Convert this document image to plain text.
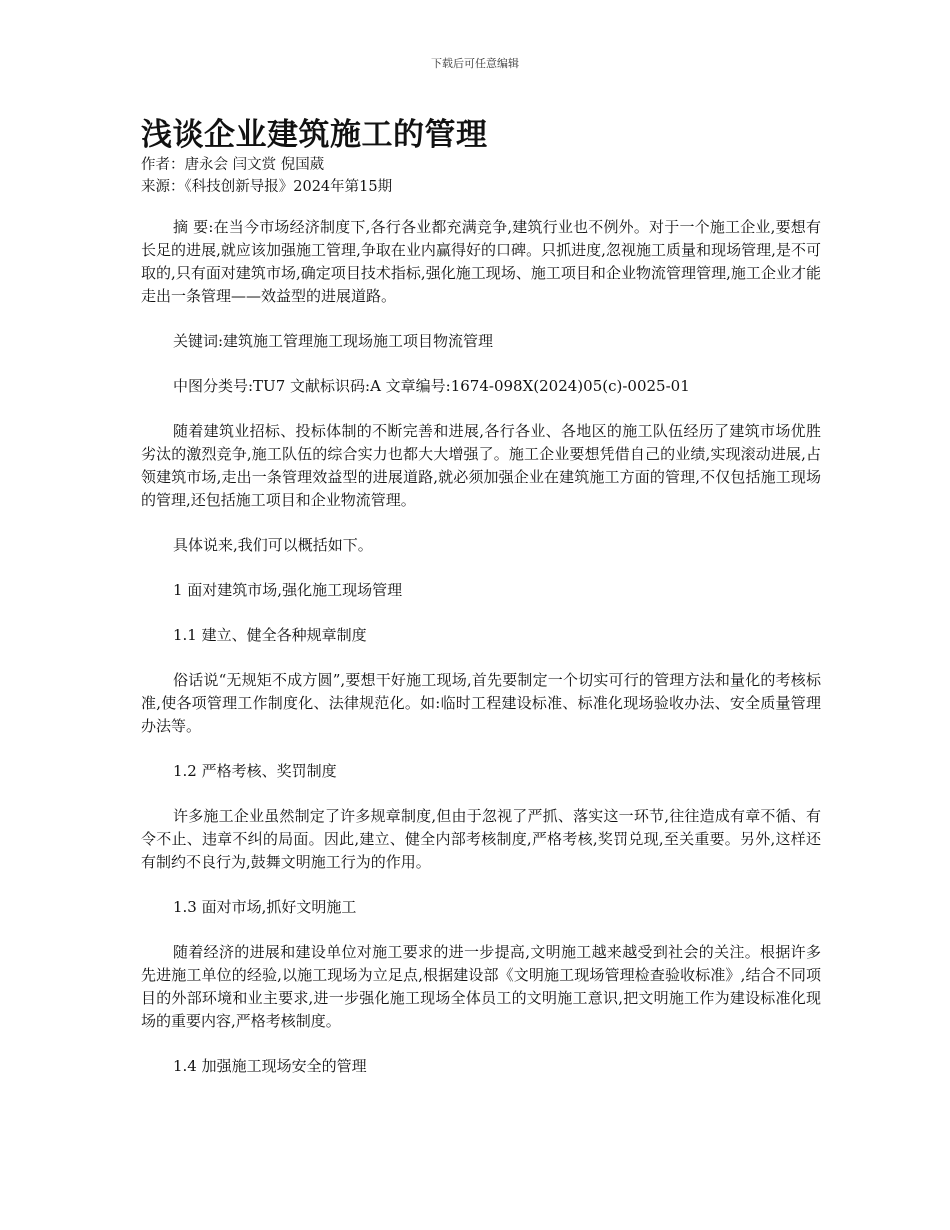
下载后可任意编辑
浅谈企业建筑施工的管理

作者：唐永会 闫文赏 倪国葳

来源：《科技创新导报》2024年第15期

摘 要:在当今市场经济制度下,各行各业都充满竞争,建筑行业也不例外。对于一个施工企业,要想有长足的进展,就应该加强施工管理,争取在业内赢得好的口碑。只抓进度,忽视施工质量和现场管理,是不可取的,只有面对建筑市场,确定项目技术指标,强化施工现场、施工项目和企业物流管理管理,施工企业才能走出一条管理——效益型的进展道路。

关键词:建筑施工管理施工现场施工项目物流管理

中图分类号:TU7 文献标识码:A 文章编号:1674-098X(2024)05(c)-0025-01

随着建筑业招标、投标体制的不断完善和进展,各行各业、各地区的施工队伍经历了建筑市场优胜劣汰的激烈竞争,施工队伍的综合实力也都大大增强了。施工企业要想凭借自己的业绩,实现滚动进展,占领建筑市场,走出一条管理效益型的进展道路,就必须加强企业在建筑施工方面的管理,不仅包括施工现场的管理,还包括施工项目和企业物流管理。

具体说来,我们可以概括如下。

1 面对建筑市场,强化施工现场管理

1.1 建立、健全各种规章制度

俗话说“无规矩不成方圆”,要想干好施工现场,首先要制定一个切实可行的管理方法和量化的考核标准,使各项管理工作制度化、法律规范化。如:临时工程建设标准、标准化现场验收办法、安全质量管理办法等。

1.2 严格考核、奖罚制度

许多施工企业虽然制定了许多规章制度,但由于忽视了严抓、落实这一环节,往往造成有章不循、有令不止、违章不纠的局面。因此,建立、健全内部考核制度,严格考核,奖罚兑现,至关重要。另外,这样还有制约不良行为,鼓舞文明施工行为的作用。

1.3 面对市场,抓好文明施工

随着经济的进展和建设单位对施工要求的进一步提高,文明施工越来越受到社会的关注。根据许多先进施工单位的经验,以施工现场为立足点,根据建设部《文明施工现场管理检查验收标准》,结合不同项目的外部环境和业主要求,进一步强化施工现场全体员工的文明施工意识,把文明施工作为建设标准化现场的重要内容,严格考核制度。

1.4 加强施工现场安全的管理
